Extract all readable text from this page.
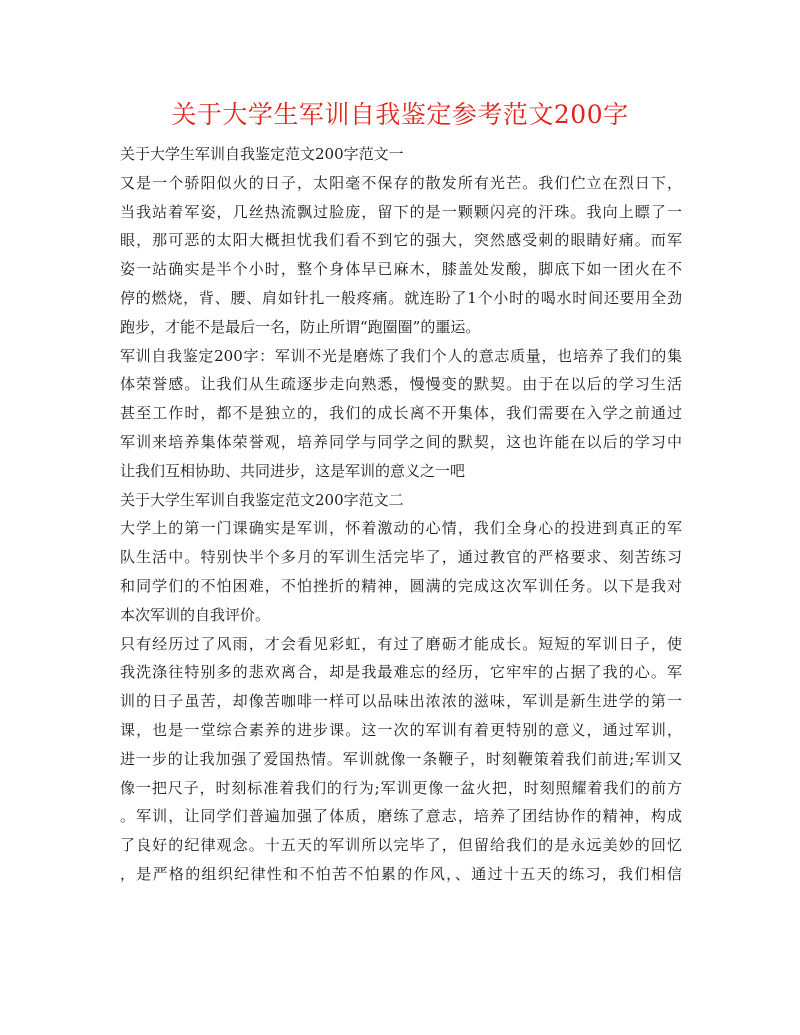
关于大学生军训自我鉴定参考范文200字
关于大学生军训自我鉴定范文200字范文一
又是一个骄阳似火的日子，太阳毫不保存的散发所有光芒。我们伫立在烈日下，
当我站着军姿，几丝热流飘过脸庞，留下的是一颗颗闪亮的汗珠。我向上瞟了一
眼，那可恶的太阳大概担忧我们看不到它的强大，突然感受刺的眼睛好痛。而军
姿一站确实是半个小时，整个身体早已麻木，膝盖处发酸，脚底下如一团火在不
停的燃烧，背、腰、肩如针扎一般疼痛。就连盼了1个小时的喝水时间还要用全劲
跑步，才能不是最后一名，防止所谓“跑圈圈”的噩运。
军训自我鉴定200字：军训不光是磨炼了我们个人的意志质量，也培养了我们的集
体荣誉感。让我们从生疏逐步走向熟悉，慢慢变的默契。由于在以后的学习生活
甚至工作时，都不是独立的，我们的成长离不开集体，我们需要在入学之前通过
军训来培养集体荣誉观，培养同学与同学之间的默契，这也许能在以后的学习中
让我们互相协助、共同进步，这是军训的意义之一吧
关于大学生军训自我鉴定范文200字范文二
大学上的第一门课确实是军训，怀着激动的心情，我们全身心的投进到真正的军
队生活中。特别快半个多月的军训生活完毕了，通过教官的严格要求、刻苦练习
和同学们的不怕困难，不怕挫折的精神，圆满的完成这次军训任务。以下是我对
本次军训的自我评价。
只有经历过了风雨，才会看见彩虹，有过了磨砺才能成长。短短的军训日子，使
我洗涤往特别多的悲欢离合，却是我最难忘的经历，它牢牢的占据了我的心。军
训的日子虽苦，却像苦咖啡一样可以品味出浓浓的滋味，军训是新生进学的第一
课，也是一堂综合素养的进步课。这一次的军训有着更特别的意义，通过军训，
进一步的让我加强了爱国热情。军训就像一条鞭子，时刻鞭策着我们前进;军训又
像一把尺子，时刻标准着我们的行为;军训更像一盆火把，时刻照耀着我们的前方
。军训，让同学们普遍加强了体质，磨练了意志，培养了团结协作的精神，构成
了良好的纪律观念。十五天的军训所以完毕了，但留给我们的是永远美妙的回忆
，是严格的组织纪律性和不怕苦不怕累的作风，、通过十五天的练习，我们相信
